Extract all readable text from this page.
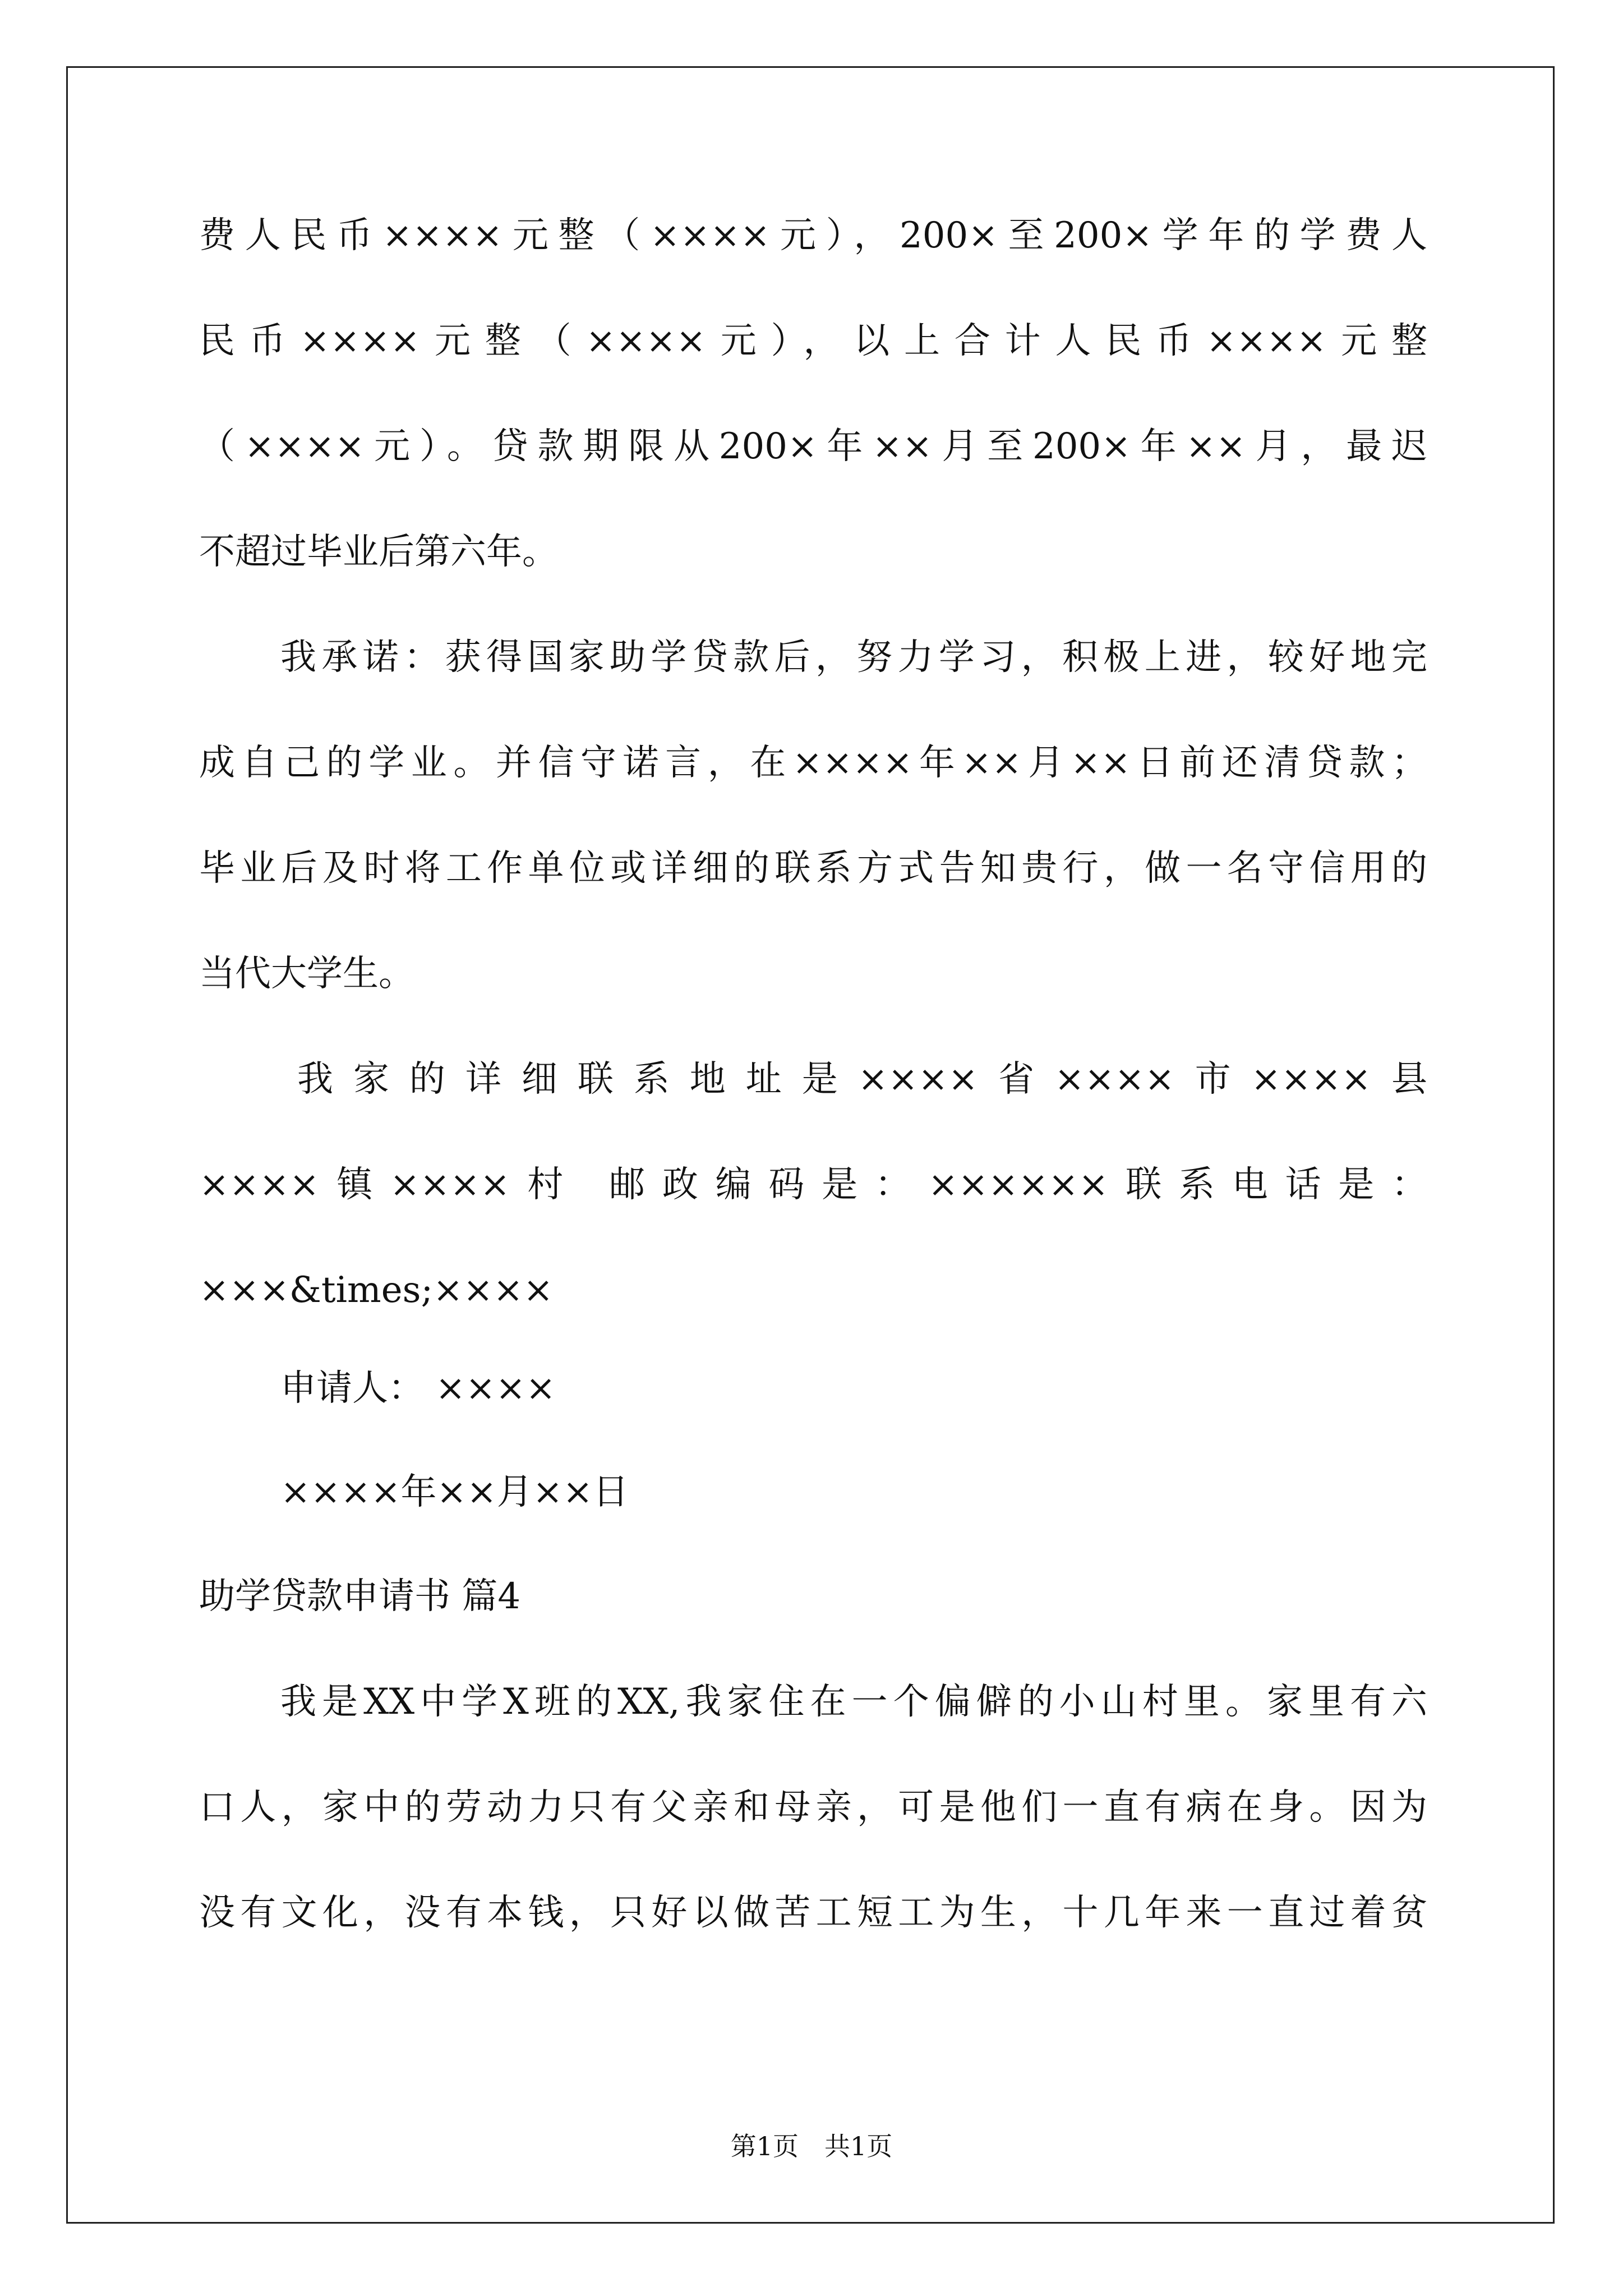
费人民币××××元整（××××元），200×至200×学年的学费人
民币××××元整（××××元），以上合计人民币××××元整
（××××元）。贷款期限从200×年××月至200×年××月，最迟
不超过毕业后第六年。
我承诺：获得国家助学贷款后，努力学习，积极上进，较好地完
成自己的学业。并信守诺言，在××××年××月××日前还清贷款；
毕业后及时将工作单位或详细的联系方式告知贵行，做一名守信用的
当代大学生。
我家的详细联系地址是××××省××××市××××县
××××镇××××村 邮政编码是：××××××联系电话是：
×××&times;××××
申请人： ××××
××××年××月××日
助学贷款申请书 篇4
我是XX中学X班的XX,我家住在一个偏僻的小山村里。家里有六
口人，家中的劳动力只有父亲和母亲，可是他们一直有病在身。因为
没有文化，没有本钱，只好以做苦工短工为生，十几年来一直过着贫
第1页　共1页
